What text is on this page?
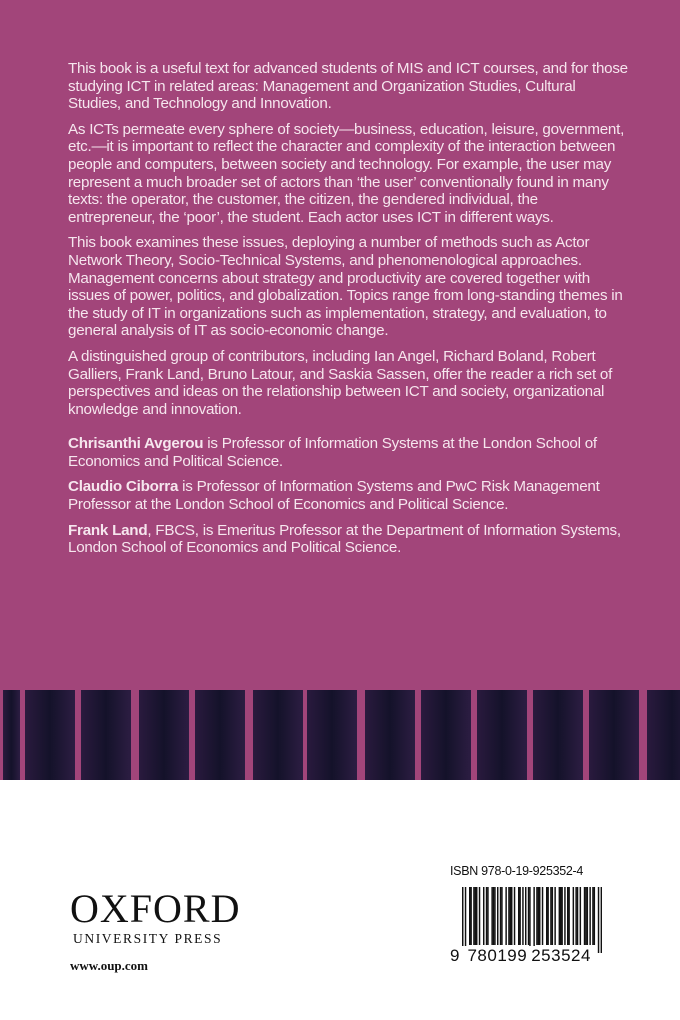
This book is a useful text for advanced students of MIS and ICT courses, and for those studying ICT in related areas: Management and Organization Studies, Cultural Studies, and Technology and Innovation.

As ICTs permeate every sphere of society—business, education, leisure, government, etc.—it is important to reflect the character and complexity of the interaction between people and computers, between society and technology. For example, the user may represent a much broader set of actors than ‘the user’ conventionally found in many texts: the operator, the customer, the citizen, the gendered individual, the entrepreneur, the ‘poor’, the student. Each actor uses ICT in different ways.

This book examines these issues, deploying a number of methods such as Actor Network Theory, Socio-Technical Systems, and phenomenological approaches. Management concerns about strategy and productivity are covered together with issues of power, politics, and globalization. Topics range from long-standing themes in the study of IT in organizations such as implementation, strategy, and evaluation, to general analysis of IT as socio-economic change.

A distinguished group of contributors, including Ian Angel, Richard Boland, Robert Galliers, Frank Land, Bruno Latour, and Saskia Sassen, offer the reader a rich set of perspectives and ideas on the relationship between ICT and society, organizational knowledge and innovation.

Chrisanthi Avgerou is Professor of Information Systems at the London School of Economics and Political Science.

Claudio Ciborra is Professor of Information Systems and PwC Risk Management Professor at the London School of Economics and Political Science.

Frank Land, FBCS, is Emeritus Professor at the Department of Information Systems, London School of Economics and Political Science.

OXFORD
UNIVERSITY PRESS
www.oup.com
ISBN 978-0-19-925352-4
9 780199 253524
